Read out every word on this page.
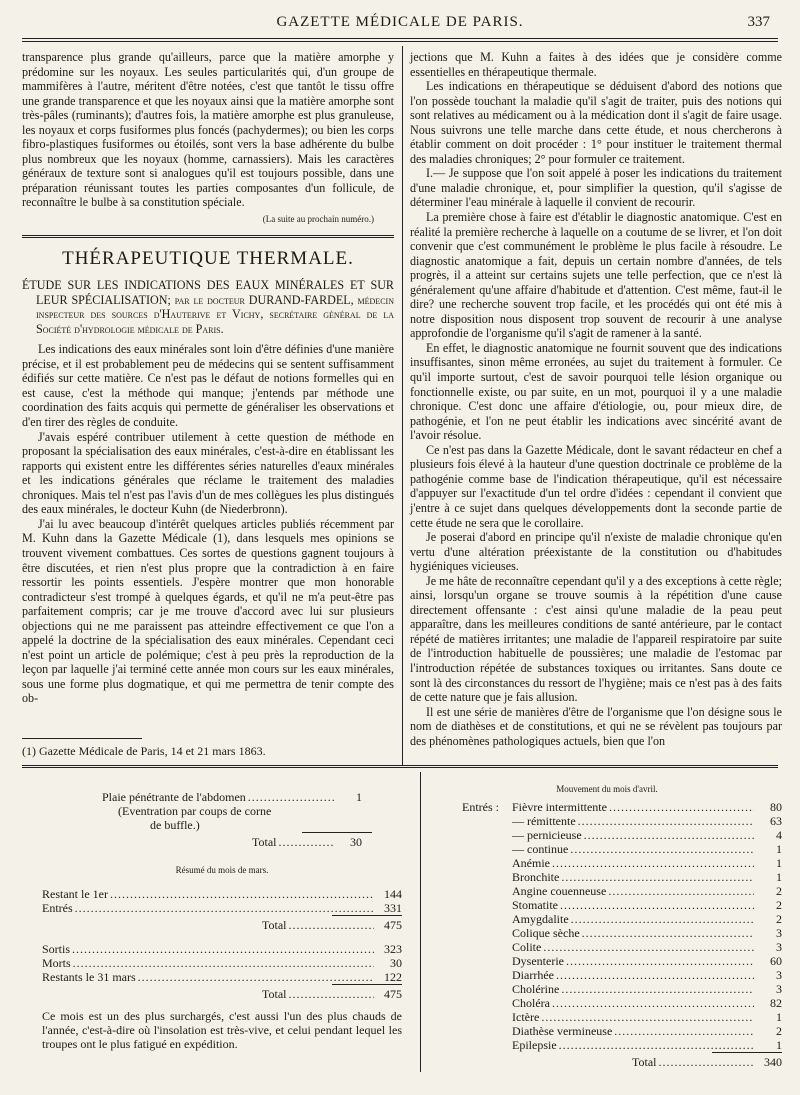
GAZETTE MÉDICALE DE PARIS.	337

transparence plus grande qu'ailleurs, parce que la matière amorphe y prédomine sur les noyaux. Les seules particularités qui, d'un groupe de mammifères à l'autre, méritent d'être notées, c'est que tantôt le tissu offre une grande transparence et que les noyaux ainsi que la matière amorphe sont très-pâles (ruminants); d'autres fois, la matière amorphe est plus granuleuse, les noyaux et corps fusiformes plus foncés (pachydermes); ou bien les corps fibro-plastiques fusiformes ou étoilés, sont vers la base adhérente du bulbe plus nombreux que les noyaux (homme, carnassiers). Mais les caractères généraux de texture sont si analogues qu'il est toujours possible, dans une préparation réunissant toutes les parties composantes d'un follicule, de reconnaître le bulbe à sa constitution spéciale.

(La suite au prochain numéro.)

THÉRAPEUTIQUE THERMALE.

ÉTUDE SUR LES INDICATIONS DES EAUX MINÉRALES ET SUR LEUR SPÉCIALISATION; par le docteur DURAND-FARDEL, médecin inspecteur des sources d'Hauterive et Vichy, secrétaire général de la Société d'hydrologie médicale de Paris.

Les indications des eaux minérales sont loin d'être définies d'une manière précise, et il est probablement peu de médecins qui se sentent suffisamment édifiés sur cette matière. Ce n'est pas le défaut de notions formelles qui en est cause, c'est la méthode qui manque; j'entends par méthode une coordination des faits acquis qui permette de généraliser les observations et d'en tirer des règles de conduite.

J'avais espéré contribuer utilement à cette question de méthode en proposant la spécialisation des eaux minérales, c'est-à-dire en établissant les rapports qui existent entre les différentes séries naturelles d'eaux minérales et les indications générales que réclame le traitement des maladies chroniques. Mais tel n'est pas l'avis d'un de mes collègues les plus distingués des eaux minérales, le docteur Kuhn (de Niederbronn).

J'ai lu avec beaucoup d'intérêt quelques articles publiés récemment par M. Kuhn dans la Gazette Médicale (1), dans lesquels mes opinions se trouvent vivement combattues. Ces sortes de questions gagnent toujours à être discutées, et rien n'est plus propre que la contradiction à en faire ressortir les points essentiels. J'espère montrer que mon honorable contradicteur s'est trompé à quelques égards, et qu'il ne m'a peut-être pas parfaitement compris; car je me trouve d'accord avec lui sur plusieurs objections qui ne me paraissent pas atteindre effectivement ce que l'on a appelé la doctrine de la spécialisation des eaux minérales. Cependant ceci n'est point un article de polémique; c'est à peu près la reproduction de la leçon par laquelle j'ai terminé cette année mon cours sur les eaux minérales, sous une forme plus dogmatique, et qui me permettra de tenir compte des ob-

(1) Gazette Médicale de Paris, 14 et 21 mars 1863.

jections que M. Kuhn a faites à des idées que je considère comme essentielles en thérapeutique thermale.

Les indications en thérapeutique se déduisent d'abord des notions que l'on possède touchant la maladie qu'il s'agit de traiter, puis des notions qui sont relatives au médicament ou à la médication dont il s'agit de faire usage. Nous suivrons une telle marche dans cette étude, et nous chercherons à établir comment on doit procéder : 1° pour instituer le traitement thermal des maladies chroniques; 2° pour formuler ce traitement.

I.— Je suppose que l'on soit appelé à poser les indications du traitement d'une maladie chronique, et, pour simplifier la question, qu'il s'agisse de déterminer l'eau minérale à laquelle il convient de recourir.

La première chose à faire est d'établir le diagnostic anatomique. C'est en réalité la première recherche à laquelle on a coutume de se livrer, et l'on doit convenir que c'est communément le problème le plus facile à résoudre. Le diagnostic anatomique a fait, depuis un certain nombre d'années, de tels progrès, il a atteint sur certains sujets une telle perfection, que ce n'est là généralement qu'une affaire d'habitude et d'attention. C'est même, faut-il le dire? une recherche souvent trop facile, et les procédés qui ont été mis à notre disposition nous disposent trop souvent de recourir à une analyse approfondie de l'organisme qu'il s'agit de ramener à la santé.

En effet, le diagnostic anatomique ne fournit souvent que des indications insuffisantes, sinon même erronées, au sujet du traitement à formuler. Ce qu'il importe surtout, c'est de savoir pourquoi telle lésion organique ou fonctionnelle existe, ou par suite, en un mot, pourquoi il y a une maladie chronique. C'est donc une affaire d'étiologie, ou, pour mieux dire, de pathogénie, et l'on ne peut établir les indications avec sincérité avant de l'avoir résolue.

Ce n'est pas dans la Gazette Médicale, dont le savant rédacteur en chef a plusieurs fois élevé à la hauteur d'une question doctrinale ce problème de la pathogénie comme base de l'indication thérapeutique, qu'il est nécessaire d'appuyer sur l'exactitude d'un tel ordre d'idées : cependant il convient que j'entre à ce sujet dans quelques développements dont la seconde partie de cette étude ne sera que le corollaire.

Je poserai d'abord en principe qu'il n'existe de maladie chronique qu'en vertu d'une altération préexistante de la constitution ou d'habitudes hygiéniques vicieuses.

Je me hâte de reconnaître cependant qu'il y a des exceptions à cette règle; ainsi, lorsqu'un organe se trouve soumis à la répétition d'une cause directement offensante : c'est ainsi qu'une maladie de la peau peut apparaître, dans les meilleures conditions de santé antérieure, par le contact répété de matières irritantes; une maladie de l'appareil respiratoire par suite de l'introduction habituelle de poussières; une maladie de l'estomac par l'introduction répétée de substances toxiques ou irritantes. Sans doute ce sont là des circonstances du ressort de l'hygiène; mais ce n'est pas à des faits de cette nature que je fais allusion.

Il est une série de manières d'être de l'organisme que l'on désigne sous le nom de diathèses et de constitutions, et qui ne se révèlent pas toujours par des phénomènes pathologiques actuels, bien que l'on

Plaie pénétrante de l'abdomen .....	1
(Eventration par coups de corne
de buffle.)
Total .....	30
Résumé du mois de mars.
Restant le 1er .....	144
Entrés .....	331
Total .....	475
Sortis .....	323
Morts .....	30
Restants le 31 mars .....	122
Total .....	475
Ce mois est un des plus surchargés, c'est aussi l'un des plus chauds de l'année, c'est-à-dire où l'insolation est très-vive, et celui pendant lequel les troupes ont le plus fatigué en expédition.
Mouvement du mois d'avril.
Entrés : Fièvre intermittente .....	80
— rémittente .....	63
— pernicieuse .....	4
— continue .....	1
Anémie .....	1
Bronchite .....	1
Angine couenneuse .....	2
Stomatite .....	2
Amygdalite .....	2
Colique sèche .....	3
Colite .....	3
Dysenterie .....	60
Diarrhée .....	3
Cholérine .....	3
Choléra .....	82
Ictère .....	1
Diathèse vermineuse .....	2
Epilepsie .....	1
Total .....	340
